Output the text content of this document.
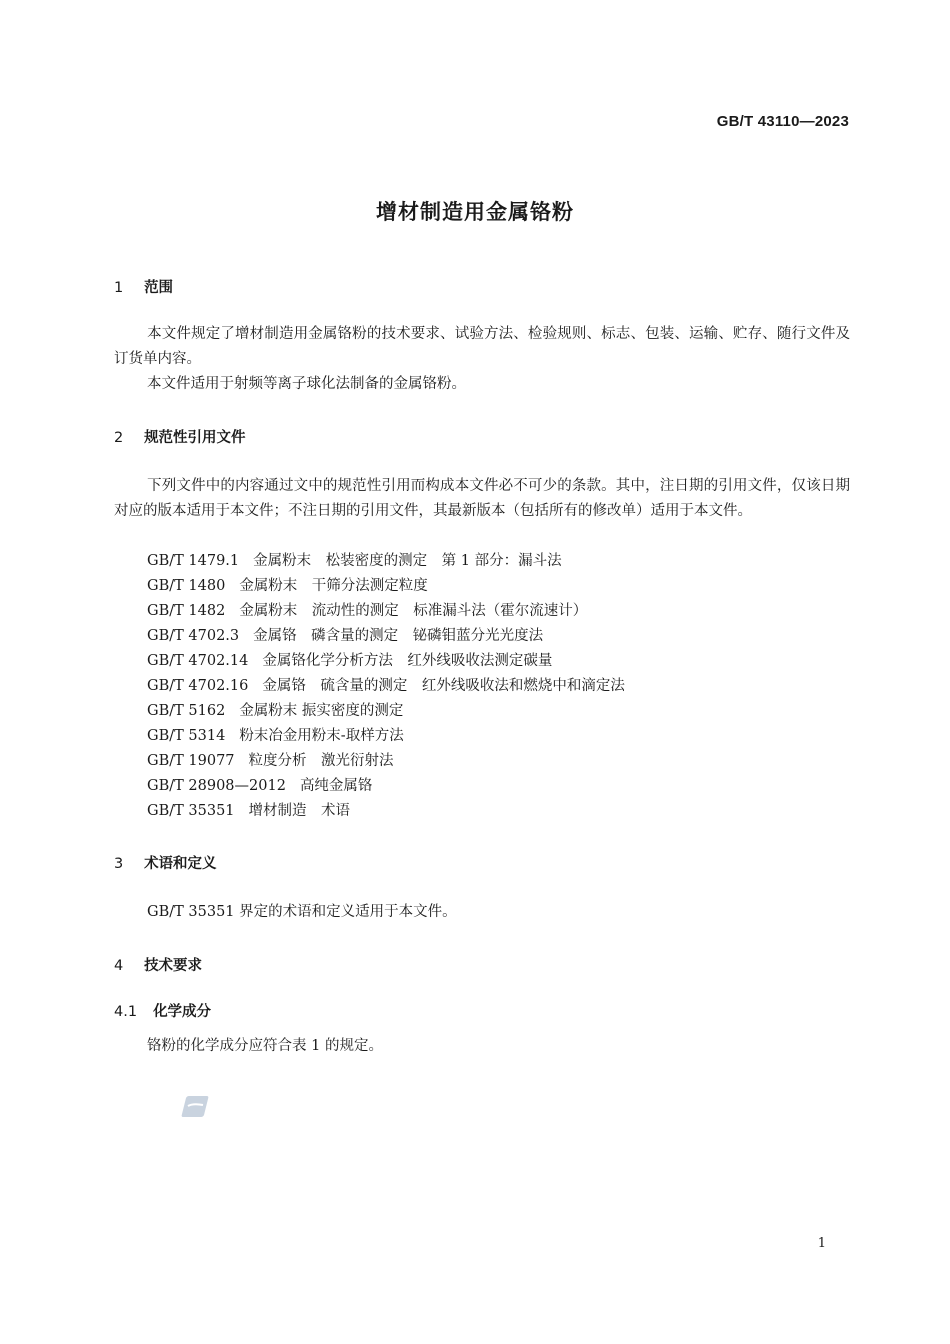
GB/T 43110—2023
增材制造用金属铬粉
1 范围
本文件规定了增材制造用金属铬粉的技术要求、试验方法、检验规则、标志、包装、运输、贮存、随行文件及订货单内容。
本文件适用于射频等离子球化法制备的金属铬粉。
2 规范性引用文件
下列文件中的内容通过文中的规范性引用而构成本文件必不可少的条款。其中，注日期的引用文件，仅该日期对应的版本适用于本文件；不注日期的引用文件，其最新版本（包括所有的修改单）适用于本文件。
GB/T 1479.1 金属粉末　松装密度的测定　第 1 部分：漏斗法
GB/T 1480 金属粉末　干筛分法测定粒度
GB/T 1482 金属粉末　流动性的测定　标准漏斗法（霍尔流速计）
GB/T 4702.3 金属铬　磷含量的测定　铋磷钼蓝分光光度法
GB/T 4702.14 金属铬化学分析方法　红外线吸收法测定碳量
GB/T 4702.16 金属铬　硫含量的测定　红外线吸收法和燃烧中和滴定法
GB/T 5162 金属粉末 振实密度的测定
GB/T 5314 粉末冶金用粉末-取样方法
GB/T 19077 粒度分析　激光衍射法
GB/T 28908—2012 高纯金属铬
GB/T 35351 增材制造　术语
3 术语和定义
GB/T 35351 界定的术语和定义适用于本文件。
4 技术要求
4.1 化学成分
铬粉的化学成分应符合表 1 的规定。
1
